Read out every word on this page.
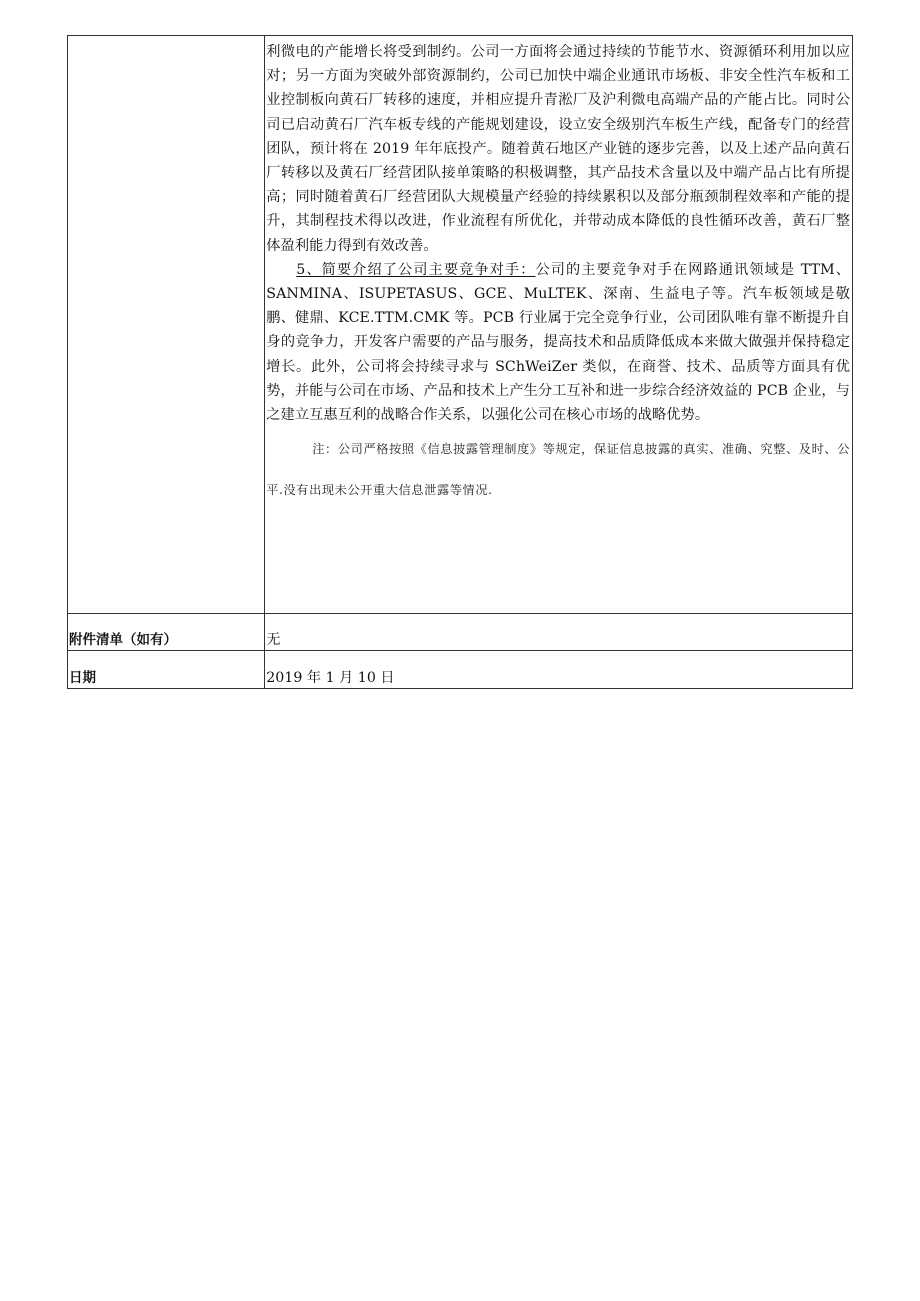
	利微电的产能增长将受到制约。公司一方面将会通过持续的节能节水、资源循环利用加以应对；另一方面为突破外部资源制约，公司已加快中端企业通讯市场板、非安全性汽车板和工业控制板向黄石厂转移的速度，并相应提升青淞厂及沪利微电高端产品的产能占比。同时公司已启动黄石厂汽车板专线的产能规划建设，设立安全级别汽车板生产线，配备专门的经营团队，预计将在 2019 年年底投产。随着黄石地区产业链的逐步完善，以及上述产品向黄石厂转移以及黄石厂经营团队接单策略的积极调整，其产品技术含量以及中端产品占比有所提高；同时随着黄石厂经营团队大规模量产经验的持续累积以及部分瓶颈制程效率和产能的提升，其制程技术得以改进，作业流程有所优化，并带动成本降低的良性循环改善，黄石厂整体盈利能力得到有效改善。

5、简要介绍了公司主要竞争对手：公司的主要竞争对手在网路通讯领域是 TTM、SANMINA、ISUPETASUS、GCE、MuLTEK、深南、生益电子等。汽车板领域是敬鹏、健鼎、KCE.TTM.CMK 等。PCB 行业属于完全竞争行业，公司团队唯有靠不断提升自身的竞争力，开发客户需要的产品与服务，提高技术和品质降低成本来做大做强并保持稳定增长。此外，公司将会持续寻求与 SChWeiZer 类似，在商誉、技术、品质等方面具有优势，并能与公司在市场、产品和技术上产生分工互补和进一步综合经济效益的 PCB 企业，与之建立互惠互利的战略合作关系，以强化公司在核心市场的战略优势。

注：公司严格按照《信息披露管理制度》等规定，保证信息披露的真实、准确、究整、及时、公平.没有出现未公开重大信息泄露等情况.

附件清单（如有）	无

日期	2019 年 1 月 10 日
